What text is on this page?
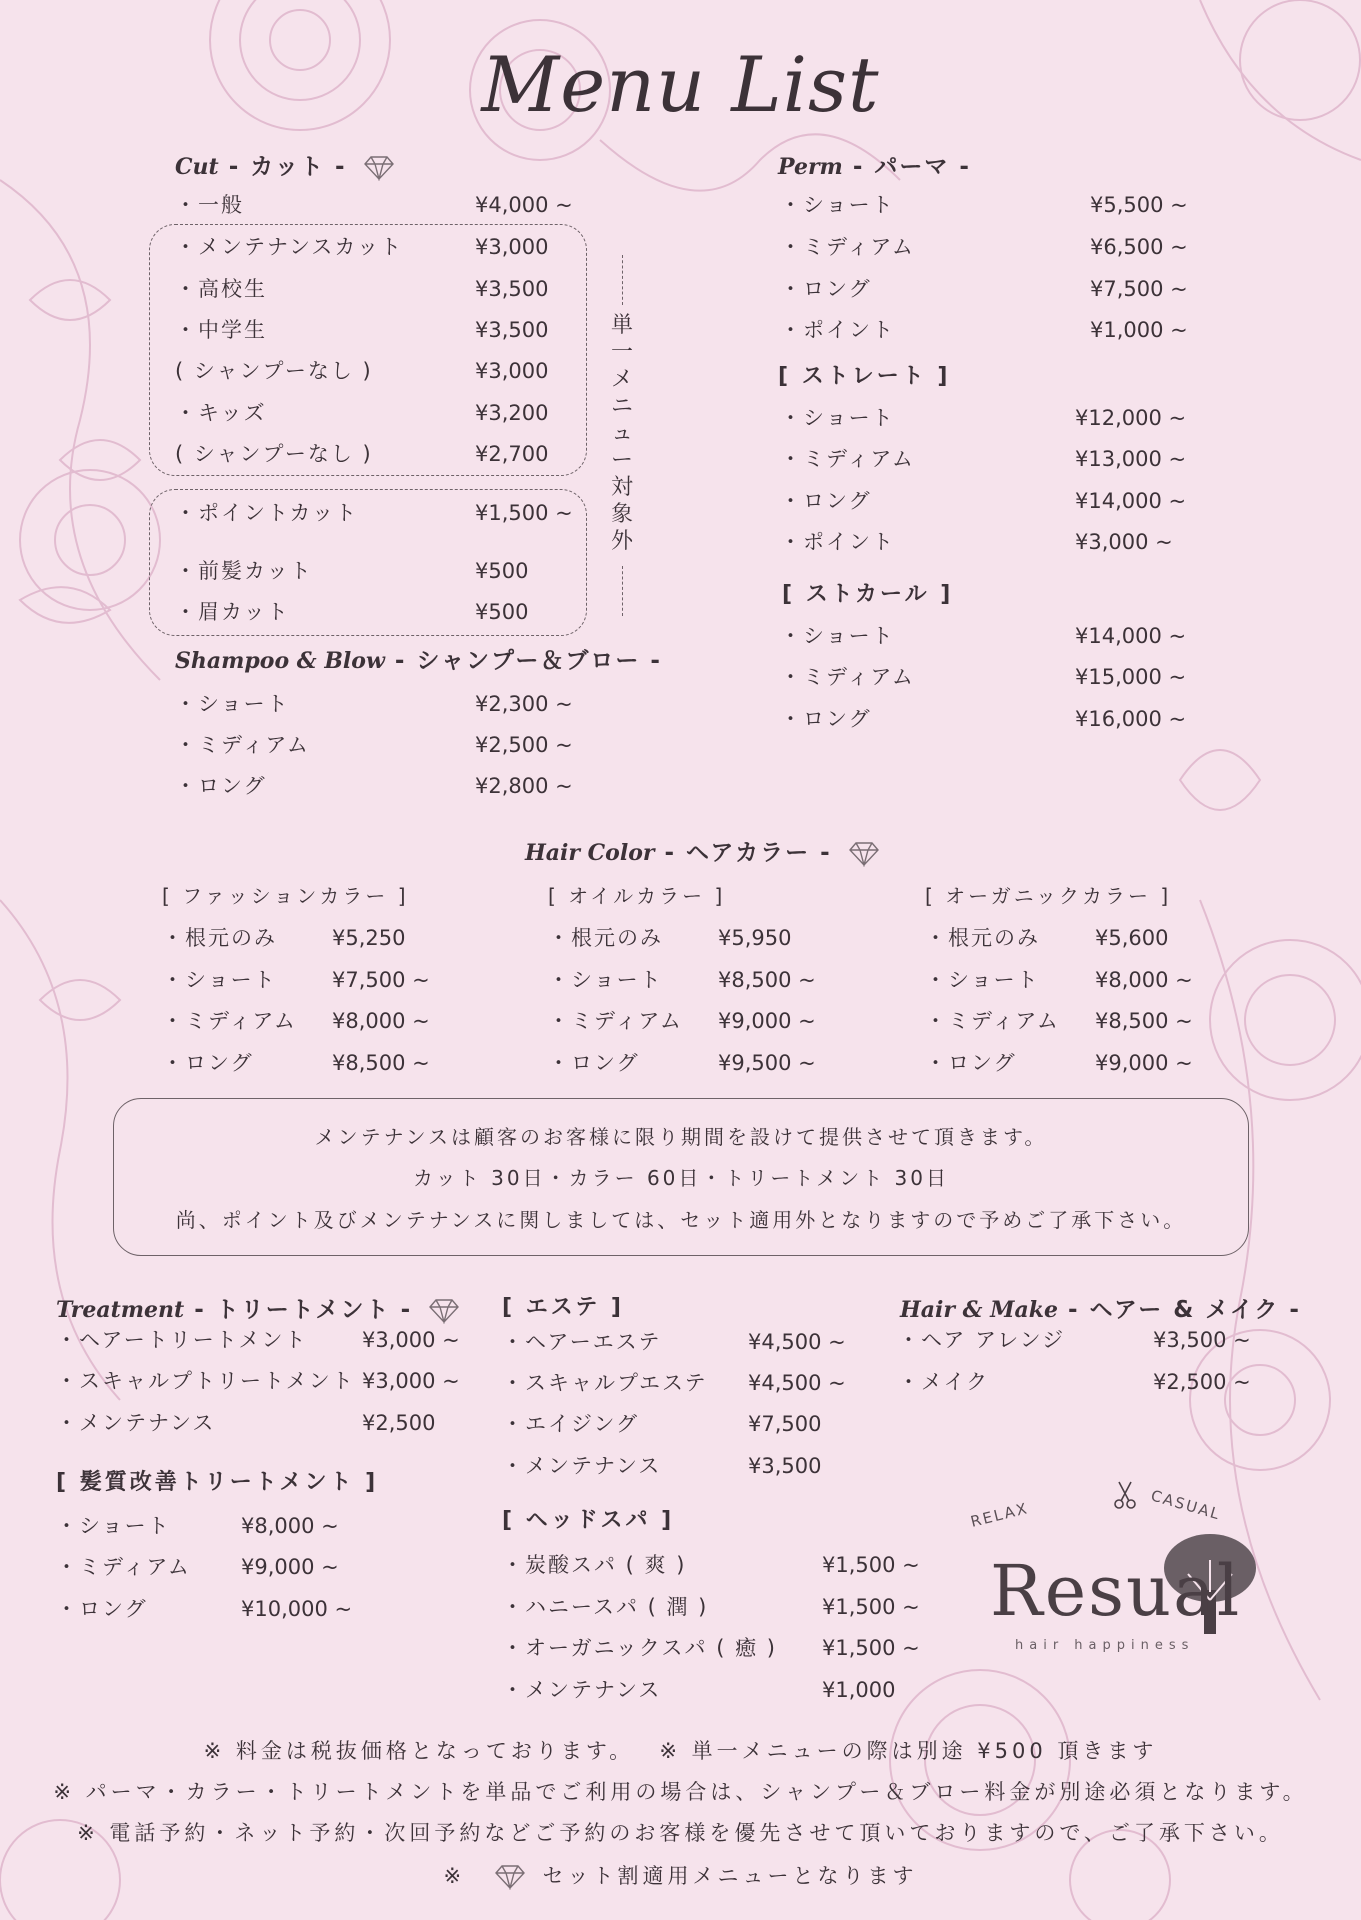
Menu List
Cut - カット -
単一メニュー対象外
・一般	¥4,000 ~
・メンテナンスカット	¥3,000
・高校生	¥3,500
・中学生	¥3,500
( シャンプーなし )	¥3,000
・キッズ	¥3,200
( シャンプーなし )	¥2,700
・ポイントカット	¥1,500 ~
・前髪カット	¥500
・眉カット	¥500
Shampoo & Blow - シャンプー＆ブロー -
・ショート	¥2,300 ~
・ミディアム	¥2,500 ~
・ロング	¥2,800 ~
Perm - パーマ -
・ショート	¥5,500 ~
・ミディアム	¥6,500 ~
・ロング	¥7,500 ~
・ポイント	¥1,000 ~
[ ストレート ]
・ショート	¥12,000 ~
・ミディアム	¥13,000 ~
・ロング	¥14,000 ~
・ポイント	¥3,000 ~
[ ストカール ]
・ショート	¥14,000 ~
・ミディアム	¥15,000 ~
・ロング	¥16,000 ~
Hair Color - ヘアカラー -
[ ファッションカラー ]
・根元のみ	¥5,250
・ショート	¥7,500 ~
・ミディアム ¥8,000 ~
・ロング	¥8,500 ~
[ オイルカラー ]
・根元のみ	¥5,950
・ショート	¥8,500 ~
・ミディアム ¥9,000 ~
・ロング	¥9,500 ~
[ オーガニックカラー ]
・根元のみ	¥5,600
・ショート	¥8,000 ~
・ミディアム ¥8,500 ~
・ロング	¥9,000 ~
メンテナンスは顧客のお客様に限り期間を設けて提供させて頂きます。
カット 30日・カラー 60日・トリートメント 30日
尚、ポイント及びメンテナンスに関しましては、セット適用外となりますので予めご了承下さい。
Treatment - トリートメント -
・ヘアートリートメント	¥3,000 ~
・スキャルプトリートメント ¥3,000 ~
・メンテナンス	¥2,500
[ 髪質改善トリートメント ]
・ショート	¥8,000 ~
・ミディアム ¥9,000 ~
・ロング	¥10,000 ~
[ エステ ]
・ヘアーエステ	¥4,500 ~
・スキャルプエステ ¥4,500 ~
・エイジング	¥7,500
・メンテナンス	¥3,500
[ ヘッドスパ ]
・炭酸スパ ( 爽 )	¥1,500 ~
・ハニースパ ( 潤 )	¥1,500 ~
・オーガニックスパ ( 癒 ) ¥1,500 ~
・メンテナンス	¥1,000
Hair & Make - ヘアー & メイク -
・ヘア アレンジ	¥3,500 ~
・メイク	¥2,500 ~
RELAX	CASUAL
Resual
hair happiness
※ 料金は税抜価格となっております。　 ※ 単一メニューの際は別途 ¥500 頂きます
※ パーマ・カラー・トリートメントを単品でご利用の場合は、シャンプー＆ブロー料金が別途必須となります。
※ 電話予約・ネット予約・次回予約などご予約のお客様を優先させて頂いておりますので、ご了承下さい。
※	セット割適用メニューとなります
